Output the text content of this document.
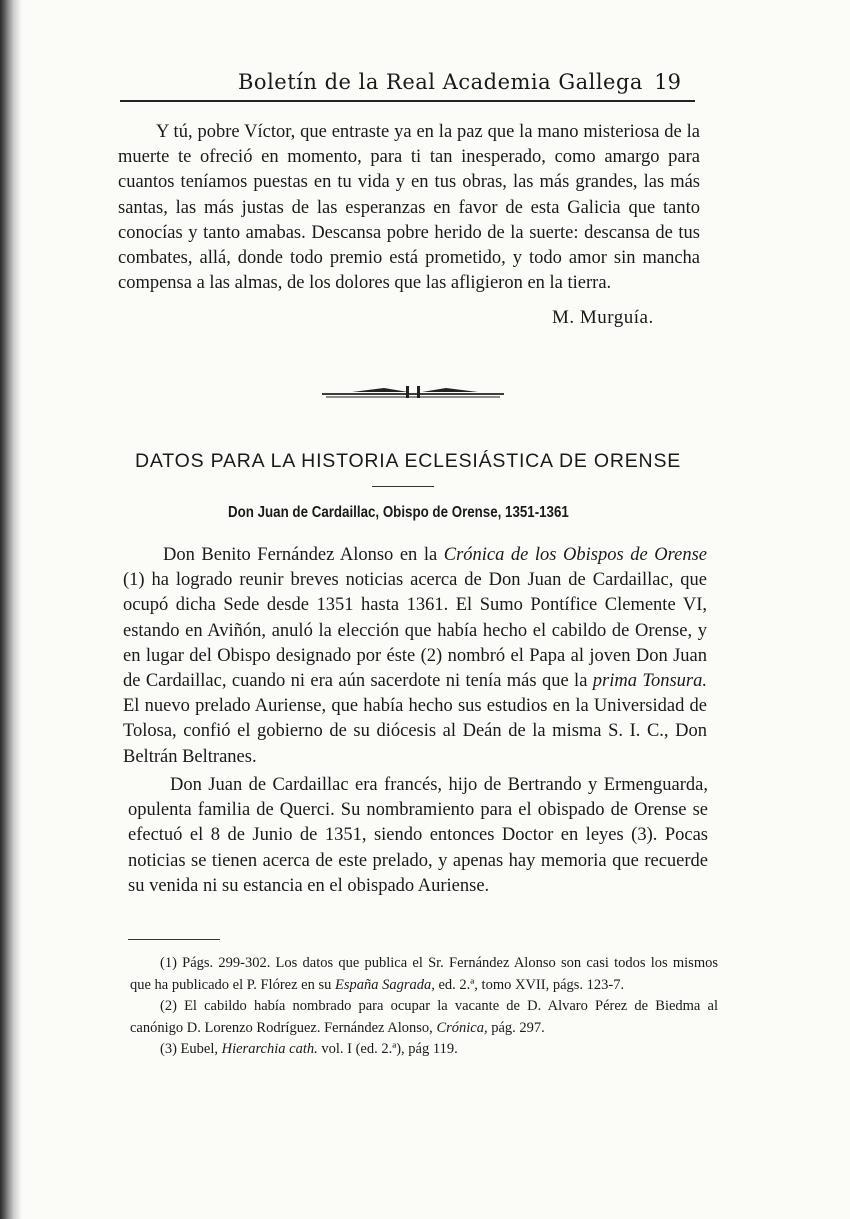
Boletín de la Real Academia Gallega 19

Y tú, pobre Víctor, que entraste ya en la paz que la mano misteriosa de la muerte te ofreció en momento, para ti tan inesperado, como amargo para cuantos teníamos puestas en tu vida y en tus obras, las más grandes, las más santas, las más justas de las esperanzas en favor de esta Galicia que tanto conocías y tanto amabas. Descansa pobre herido de la suerte: descansa de tus combates, allá, donde todo premio está prometido, y todo amor sin mancha compensa a las almas, de los dolores que las afligieron en la tierra.

M. Murguía.
DATOS PARA LA HISTORIA ECLESIÁSTICA DE ORENSE
Don Juan de Cardaillac, Obispo de Orense, 1351-1361

Don Benito Fernández Alonso en la Crónica de los Obispos de Orense (1) ha logrado reunir breves noticias acerca de Don Juan de Cardaillac, que ocupó dicha Sede desde 1351 hasta 1361. El Sumo Pontífice Clemente VI, estando en Aviñón, anuló la elección que había hecho el cabildo de Orense, y en lugar del Obispo designado por éste (2) nombró el Papa al joven Don Juan de Cardaillac, cuando ni era aún sacerdote ni tenía más que la prima Tonsura. El nuevo prelado Auriense, que había hecho sus estudios en la Universidad de Tolosa, confió el gobierno de su diócesis al Deán de la misma S. I. C., Don Beltrán Beltranes.

Don Juan de Cardaillac era francés, hijo de Bertrando y Ermenguarda, opulenta familia de Querci. Su nombramiento para el obispado de Orense se efectuó el 8 de Junio de 1351, siendo entonces Doctor en leyes (3). Pocas noticias se tienen acerca de este prelado, y apenas hay memoria que recuerde su venida ni su estancia en el obispado Auriense.

(1) Págs. 299-302. Los datos que publica el Sr. Fernández Alonso son casi todos los mismos que ha publicado el P. Flórez en su España Sagrada, ed. 2.ª, tomo XVII, págs. 123-7.
(2) El cabildo había nombrado para ocupar la vacante de D. Alvaro Pérez de Biedma al canónigo D. Lorenzo Rodríguez. Fernández Alonso, Crónica, pág. 297.
(3) Eubel, Hierarchia cath. vol. I (ed. 2.ª), pág 119.
